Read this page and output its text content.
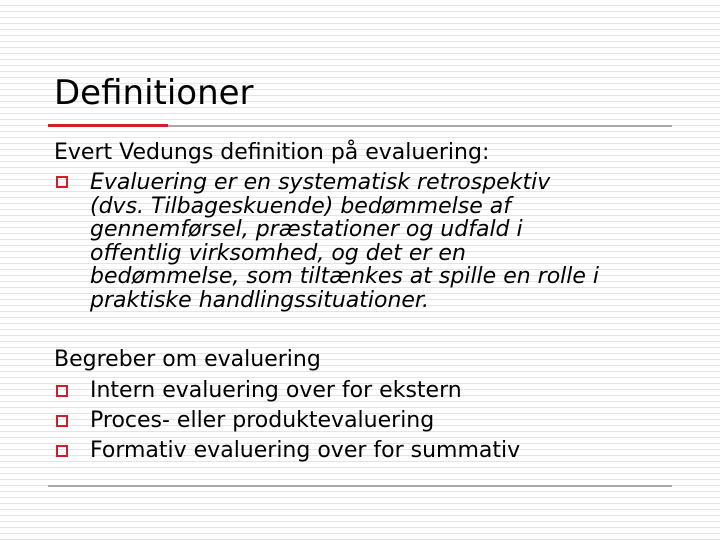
Definitioner
Evert Vedungs definition på evaluering:
Evaluering er en systematisk retrospektiv
(dvs. Tilbageskuende) bedømmelse af
gennemførsel, præstationer og udfald i
offentlig virksomhed, og det er en
bedømmelse, som tiltænkes at spille en rolle i
praktiske handlingssituationer.
Begreber om evaluering
Intern evaluering over for ekstern
Proces- eller produktevaluering
Formativ evaluering over for summativ
